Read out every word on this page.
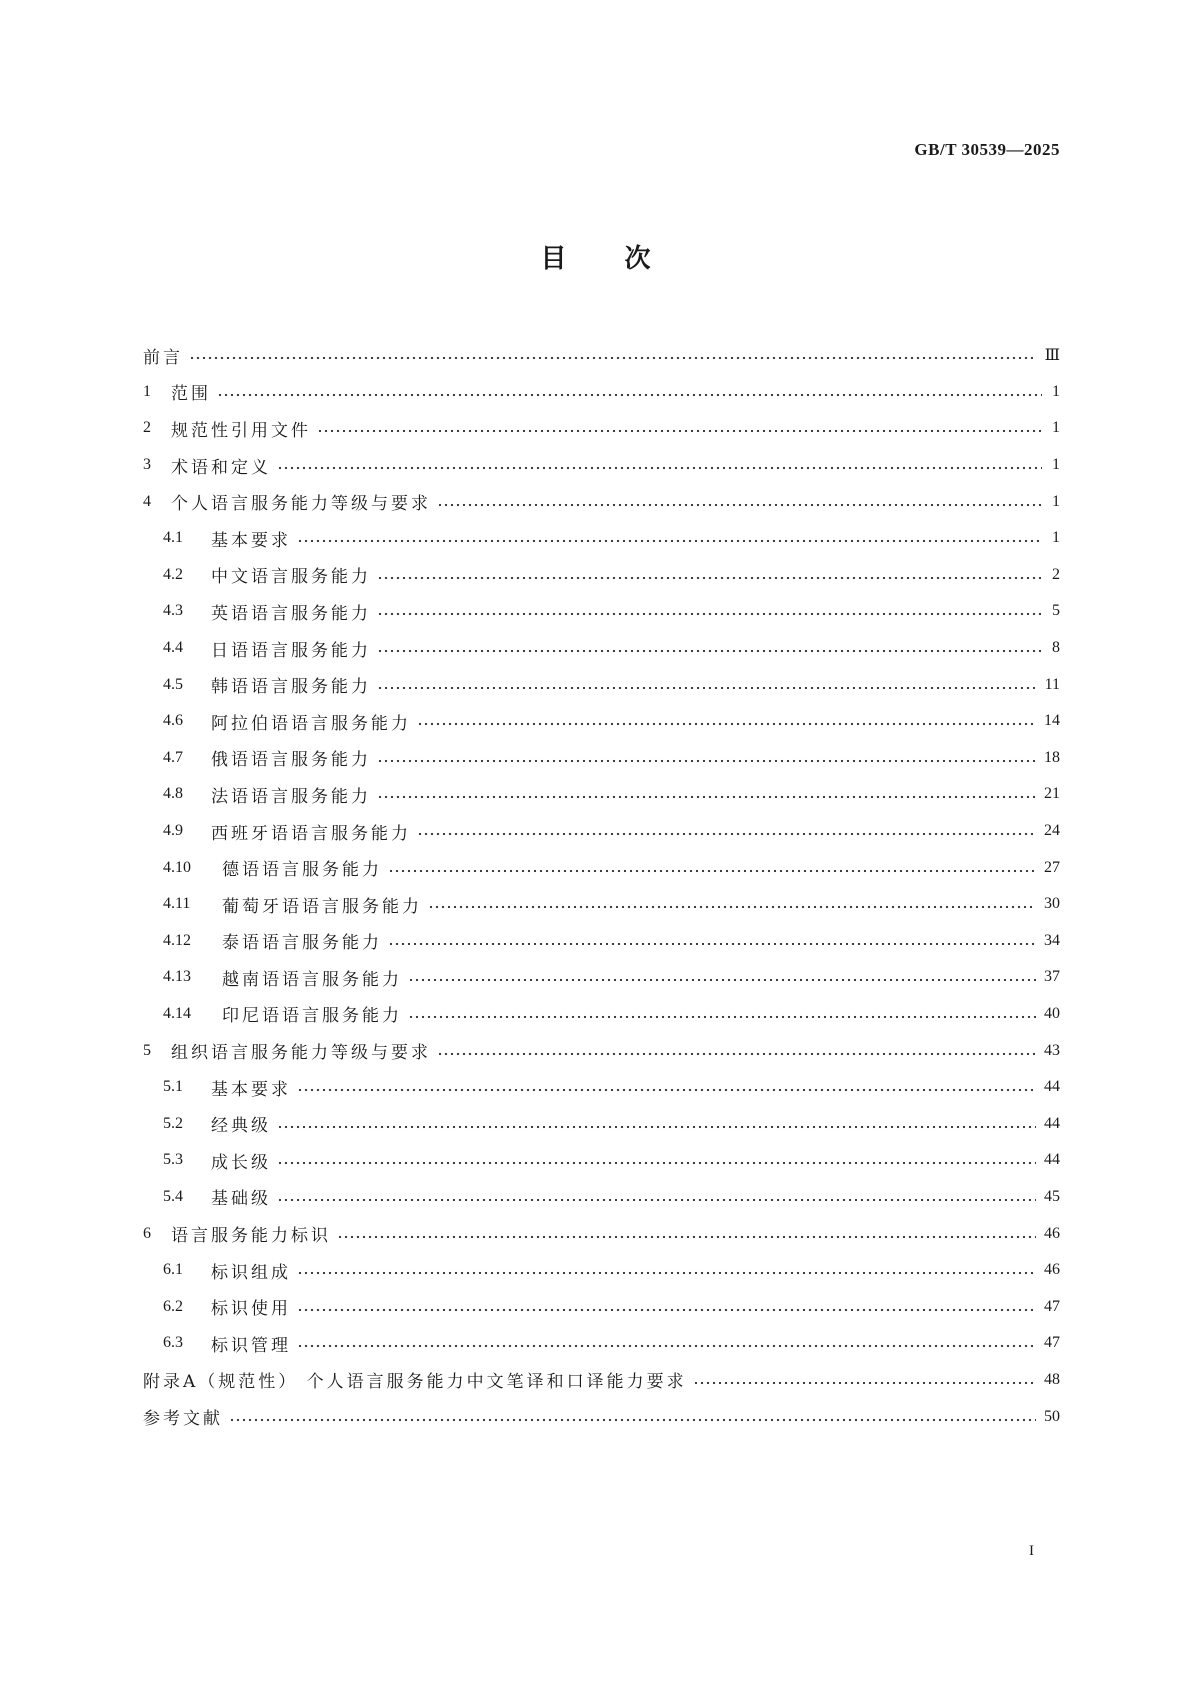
GB/T 30539—2025
目次
前言	Ⅲ
1	范围	1
2	规范性引用文件	1
3	术语和定义	1
4	个人语言服务能力等级与要求	1
4.1	基本要求	1
4.2	中文语言服务能力	2
4.3	英语语言服务能力	5
4.4	日语语言服务能力	8
4.5	韩语语言服务能力	11
4.6	阿拉伯语语言服务能力	14
4.7	俄语语言服务能力	18
4.8	法语语言服务能力	21
4.9	西班牙语语言服务能力	24
4.10	德语语言服务能力	27
4.11	葡萄牙语语言服务能力	30
4.12	泰语语言服务能力	34
4.13	越南语语言服务能力	37
4.14	印尼语语言服务能力	40
5	组织语言服务能力等级与要求	43
5.1	基本要求	44
5.2	经典级	44
5.3	成长级	44
5.4	基础级	45
6	语言服务能力标识	46
6.1	标识组成	46
6.2	标识使用	47
6.3	标识管理	47
附录A（规范性） 个人语言服务能力中文笔译和口译能力要求	48
参考文献	50
I
